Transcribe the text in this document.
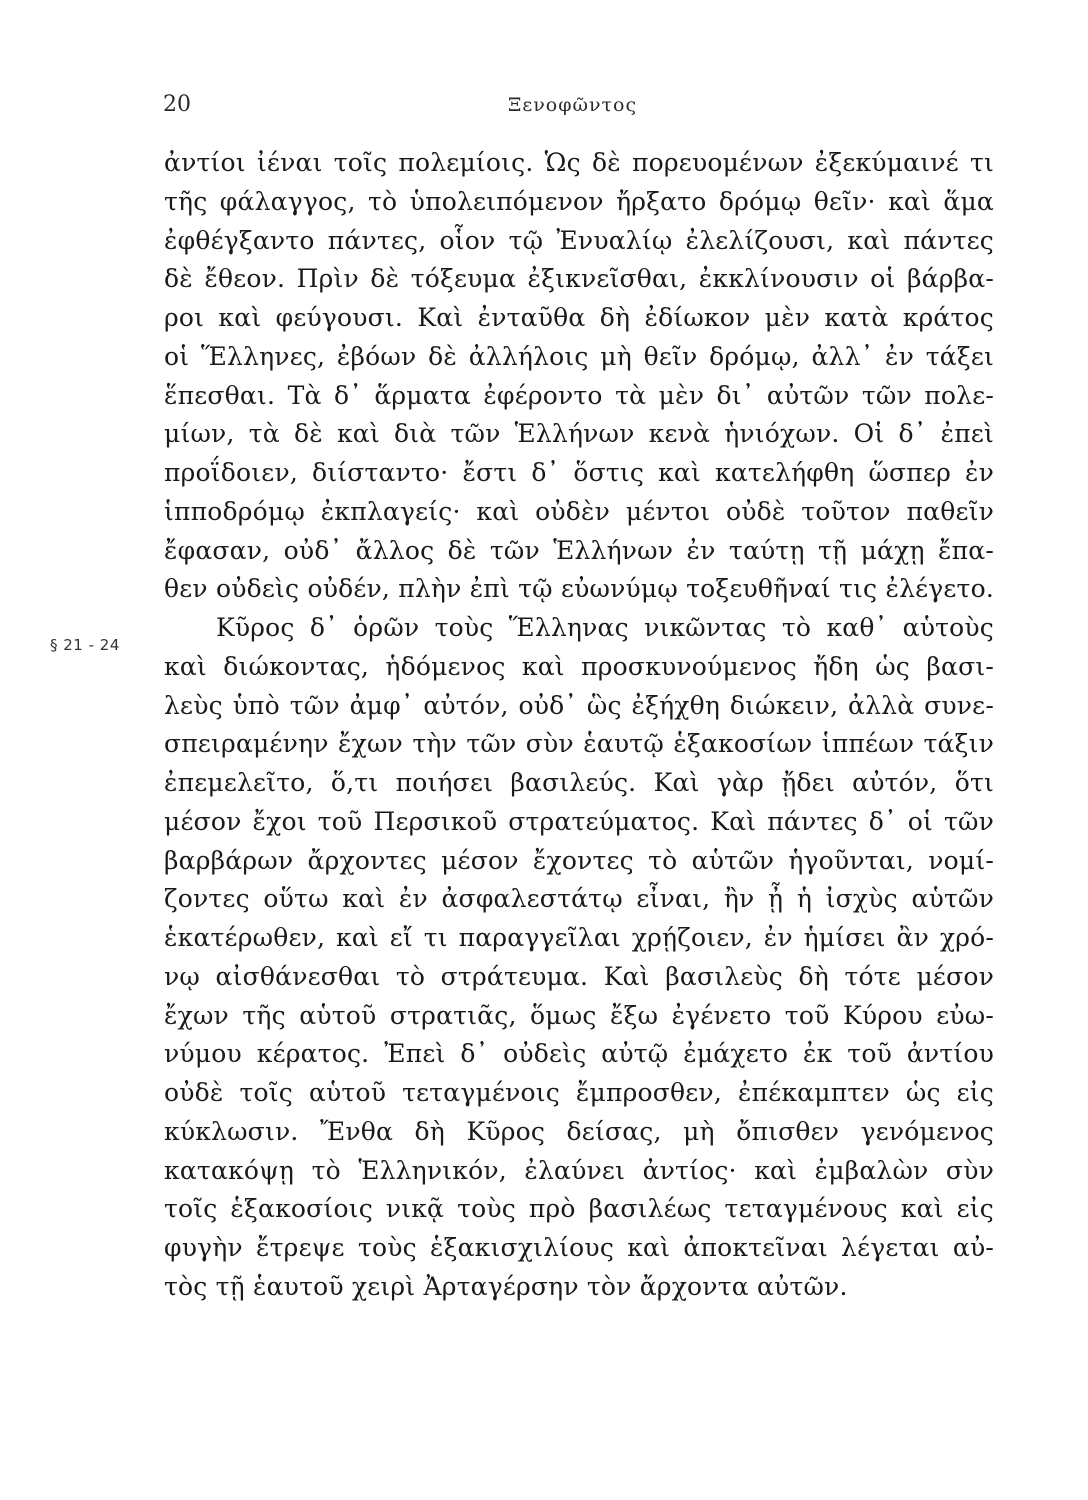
20	Ξενοφῶντος
§ 21 - 24
ἀντίοι ἰέναι τοῖς πολεμίοις. Ὡς δὲ πορευομένων ἐξεκύμαινέ τι
τῆς φάλαγγος, τὸ ὑπολειπόμενον ἤρξατο δρόμῳ θεῖν· καὶ ἅμα
ἐφθέγξαντο πάντες, οἷον τῷ Ἐνυαλίῳ ἐλελίζουσι, καὶ πάντες
δὲ ἔθεον. Πρὶν δὲ τόξευμα ἐξικνεῖσθαι, ἐκκλίνουσιν οἱ βάρβα-
ροι καὶ φεύγουσι. Καὶ ἐνταῦθα δὴ ἐδίωκον μὲν κατὰ κράτος
οἱ Ἕλληνες, ἐβόων δὲ ἀλλήλοις μὴ θεῖν δρόμῳ, ἀλλ᾽ ἐν τάξει
ἕπεσθαι. Τὰ δ᾽ ἅρματα ἐφέροντο τὰ μὲν δι᾽ αὐτῶν τῶν πολε-
μίων, τὰ δὲ καὶ διὰ τῶν Ἑλλήνων κενὰ ἡνιόχων. Οἱ δ᾽ ἐπεὶ
προΐδοιεν, διίσταντο· ἔστι δ᾽ ὅστις καὶ κατελήφθη ὥσπερ ἐν
ἱπποδρόμῳ ἐκπλαγείς· καὶ οὐδὲν μέντοι οὐδὲ τοῦτον παθεῖν
ἔφασαν, οὐδ᾽ ἄλλος δὲ τῶν Ἑλλήνων ἐν ταύτῃ τῇ μάχῃ ἔπα-
θεν οὐδεὶς οὐδέν, πλὴν ἐπὶ τῷ εὐωνύμῳ τοξευθῆναί τις ἐλέγετο.
Κῦρος δ᾽ ὁρῶν τοὺς Ἕλληνας νικῶντας τὸ καθ᾽ αὑτοὺς
καὶ διώκοντας, ἡδόμενος καὶ προσκυνούμενος ἤδη ὡς βασι-
λεὺς ὑπὸ τῶν ἀμφ᾽ αὐτόν, οὐδ᾽ ὣς ἐξήχθη διώκειν, ἀλλὰ συνε-
σπειραμένην ἔχων τὴν τῶν σὺν ἑαυτῷ ἑξακοσίων ἱππέων τάξιν
ἐπεμελεῖτο, ὅ,τι ποιήσει βασιλεύς. Καὶ γὰρ ᾔδει αὐτόν, ὅτι
μέσον ἔχοι τοῦ Περσικοῦ στρατεύματος. Καὶ πάντες δ᾽ οἱ τῶν
βαρβάρων ἄρχοντες μέσον ἔχοντες τὸ αὑτῶν ἡγοῦνται, νομί-
ζοντες οὕτω καὶ ἐν ἀσφαλεστάτῳ εἶναι, ἢν ᾖ ἡ ἰσχὺς αὑτῶν
ἑκατέρωθεν, καὶ εἴ τι παραγγεῖλαι χρῄζοιεν, ἐν ἡμίσει ἂν χρό-
νῳ αἰσθάνεσθαι τὸ στράτευμα. Καὶ βασιλεὺς δὴ τότε μέσον
ἔχων τῆς αὑτοῦ στρατιᾶς, ὅμως ἔξω ἐγένετο τοῦ Κύρου εὐω-
νύμου κέρατος. Ἐπεὶ δ᾽ οὐδεὶς αὐτῷ ἐμάχετο ἐκ τοῦ ἀντίου
οὐδὲ τοῖς αὑτοῦ τεταγμένοις ἔμπροσθεν, ἐπέκαμπτεν ὡς εἰς
κύκλωσιν. Ἔνθα δὴ Κῦρος δείσας, μὴ ὄπισθεν γενόμενος
κατακόψῃ τὸ Ἑλληνικόν, ἐλαύνει ἀντίος· καὶ ἐμβαλὼν σὺν
τοῖς ἑξακοσίοις νικᾷ τοὺς πρὸ βασιλέως τεταγμένους καὶ εἰς
φυγὴν ἔτρεψε τοὺς ἑξακισχιλίους καὶ ἀποκτεῖναι λέγεται αὐ-
τὸς τῇ ἑαυτοῦ χειρὶ Ἀρταγέρσην τὸν ἄρχοντα αὐτῶν.
